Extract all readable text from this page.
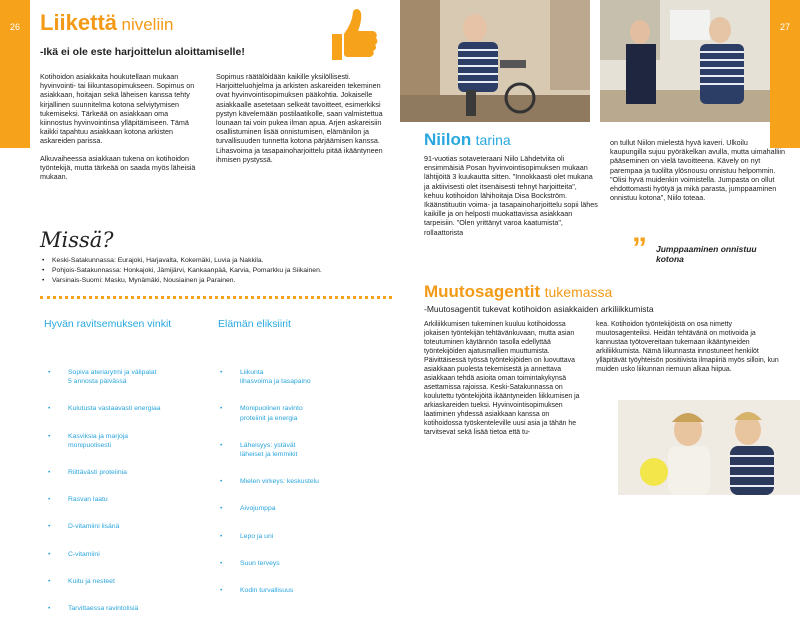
26 Liikettä niveliin
-Ikä ei ole este harjoittelun aloittamiselle!

Kotihoidon asiakkaita houkutellaan mukaan hyvinvointi- tai liikuntasopimukseen. Sopimus on asiakkaan, hoitajan sekä läheisen kanssa tehty kirjallinen suunnitelma kotona selviytymisen tukemiseksi. Tärkeää on asiakkaan oma kiinnostus hyvinvointinsa ylläpitämiseen. Tämä kaikki tapahtuu asiakkaan kotona arkisten askareiden parissa.

Alkuvaiheessa asiakkaan tukena on kotihoidon työntekijä, mutta tärkeää on saada myös läheisiä mukaan.

Sopimus räätälöidään kaikille yksilöllisesti. Harjoitteluohjelma ja arkisten askareiden tekeminen ovat hyvinvointisopimuksen pääkohtia. Jokaiselle asiakkaalle asetetaan selkeät tavoitteet, esimerkiksi pystyn kävelemään postilaatikolle, saan valmistettua lounaan tai voin pukea ilman apua. Arjen askareisiin osallistuminen lisää onnistumisen, elämänilon ja turvallisuuden tunnetta kotona pärjäämisen kanssa. Lihasvoima ja tasapainoharjoittelu pitää ikääntyneen ihmisen pystyssä.

Missä?
• Keski-Satakunnassa: Eurajoki, Harjavalta, Kokemäki, Luvia ja Nakkila.
• Pohjois-Satakunnassa: Honkajoki, Jämijärvi, Kankaanpää, Karvia, Pomarkku ja Siikainen.
• Varsinais-Suomi: Masku, Mynämäki, Nousiainen ja Parainen.
Hyvän ravitsemuksen vinkit

• Sopiva ateriarytmi ja välipalat
5 annosta päivässä

• Kulutusta vastaavasti energiaa

• Kasviksia ja marjoja
monipuolisesti

• Riittävästi proteiinia

• Rasvan laatu

• D-vitamiini lisänä

• C-vitamiini

• Kuitu ja nesteet

• Tarvittaessa ravintolisiä

Elämän eliksiirit

• Liikunta
lihasvoima ja tasapaino

• Monipuolinen ravinto
proteiinit ja energia

• Läheisyys: ystävät
läheiset ja lemmikit

• Mielen virkeys: keskustelu

• Aivojumppa

• Lepo ja uni

• Suun terveys

• Kodin turvallisuus

27
Niilon tarina

91-vuotias sotaveteraani Niilo Lähdetviita oli ensimmäisiä Posan hyvinvointisopimuksen mukaan lähtijöitä 3 kuukautta sitten. "Innokkaasti olet mukana ja aktiivisesti olet itsenäisesti tehnyt harjoitteita", kehuu kotihoidon lähihoitaja Disa Bockström. Ikäänstituutin voima- ja tasapainoharjoittelu sopii lähes kaikille ja on helposti muokattavissa asiakkaan tarpeisiin. "Olen yrittänyt varoa kaatumista", rollaattorista

on tullut Niilon mielestä hyvä kaveri. Ulkoilu kaupungilla sujuu pyöräkelkan avulla, mutta uimahalliin pääseminen on vielä tavoitteena. Kävely on nyt parempaa ja tuolilta ylösnousu onnistuu helpommin. "Olisi hyvä muidenkin voimistella. Jumpasta on ollut ehdottomasti hyötyä ja mikä parasta, jumppaaminen onnistuu kotona", Niilo toteaa.

” Jumppaaminen onnistuu kotona
Muutosagentit tukemassa
-Muutosagentit tukevat kotihoidon asiakkaiden arkiliikkumista

Arkiliikkumisen tukeminen kuuluu kotihoidossa jokaisen työntekijän tehtävänkuvaan, mutta asian toteutuminen käytännön tasolla edellyttää työntekijöiden ajatusmallien muuttumista. Päivittäisessä työssä työntekijöiden on luovuttava asiakkaan puolesta tekemisestä ja annettava asiakkaan tehdä asioita oman toimintakykynsä asettamissa rajoissa. Keski-Satakunnassa on koulutettu työntekijöitä ikääntyneiden liikkumisen ja arkiaskareiden tueksi. Hyvinvointisopimuksen laatiminen yhdessä asiakkaan kanssa on kotihoidossa työskenteleville uusi asia ja tähän he tarvitsevat sekä lisää tietoa että tu-

kea. Kotihoidon työntekijöistä on osa nimetty muutosagenteiksi. Heidän tehtävänä on motivoida ja kannustaa työtovereitaan tukemaan ikääntyneiden arkiliikkumista. Nämä liikunnasta innostuneet henkilöt ylläpitävät työyhteisön positiivista ilmapiiriä myös silloin, kun muiden usko liikunnan riemuun alkaa hiipua.
